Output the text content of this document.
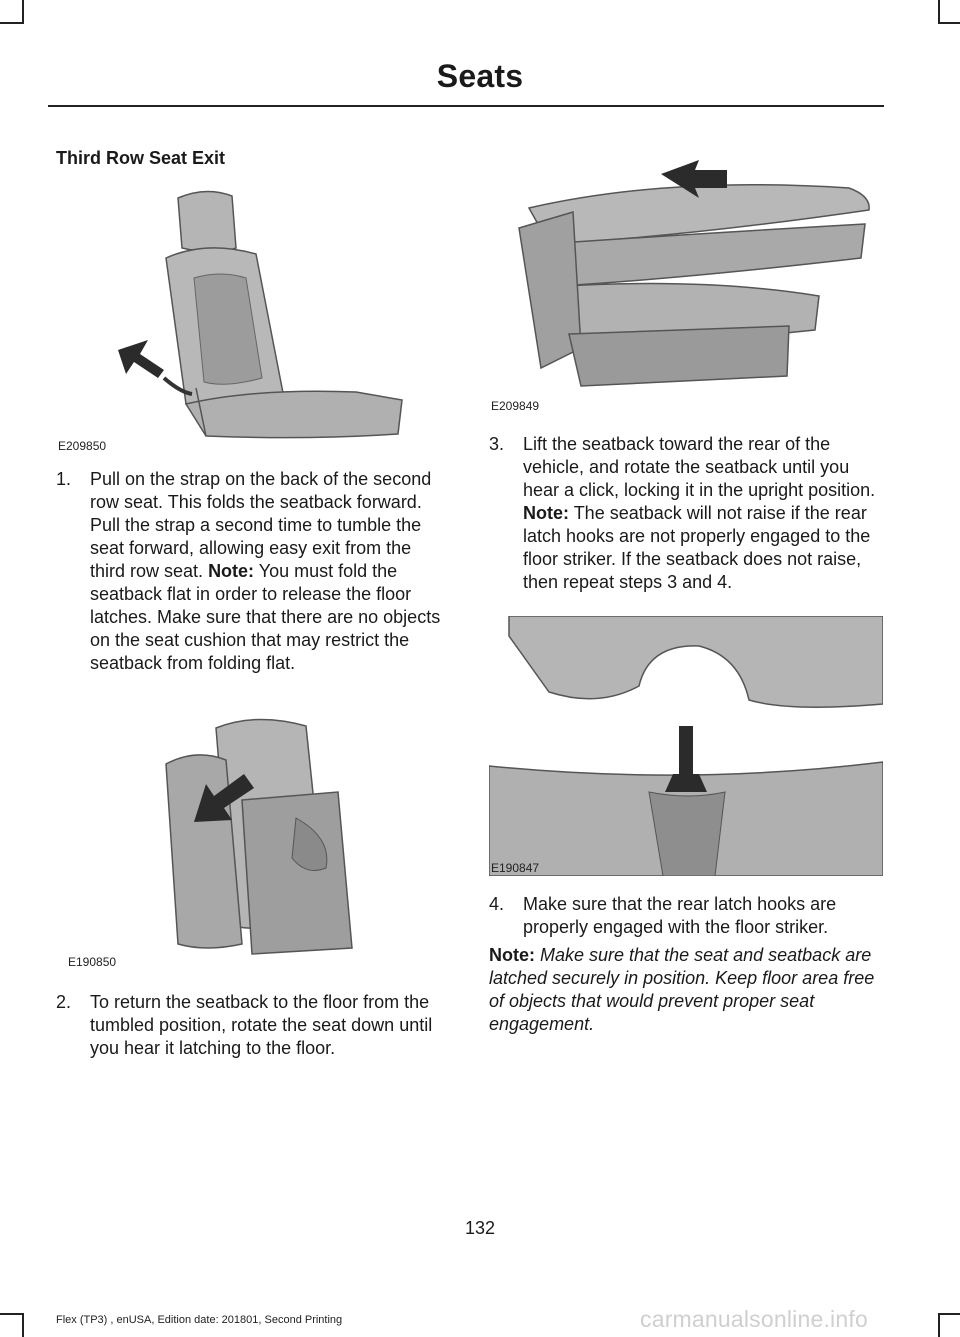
Seats
Third Row Seat Exit
E209850
E209849
1. Pull on the strap on the back of the second row seat. This folds the seatback forward. Pull the strap a second time to tumble the seat forward, allowing easy exit from the third row seat. Note: You must fold the seatback flat in order to release the floor latches. Make sure that there are no objects on the seat cushion that may restrict the seatback from folding flat.
3. Lift the seatback toward the rear of the vehicle, and rotate the seatback until you hear a click, locking it in the upright position. Note: The seatback will not raise if the rear latch hooks are not properly engaged to the floor striker. If the seatback does not raise, then repeat steps 3 and 4.
E190850
E190847
2. To return the seatback to the floor from the tumbled position, rotate the seat down until you hear it latching to the floor.
4. Make sure that the rear latch hooks are properly engaged with the floor striker.
Note: Make sure that the seat and seatback are latched securely in position. Keep floor area free of objects that would prevent proper seat engagement.
132
Flex (TP3) , enUSA, Edition date: 201801, Second Printing	carmanualsonline.info
